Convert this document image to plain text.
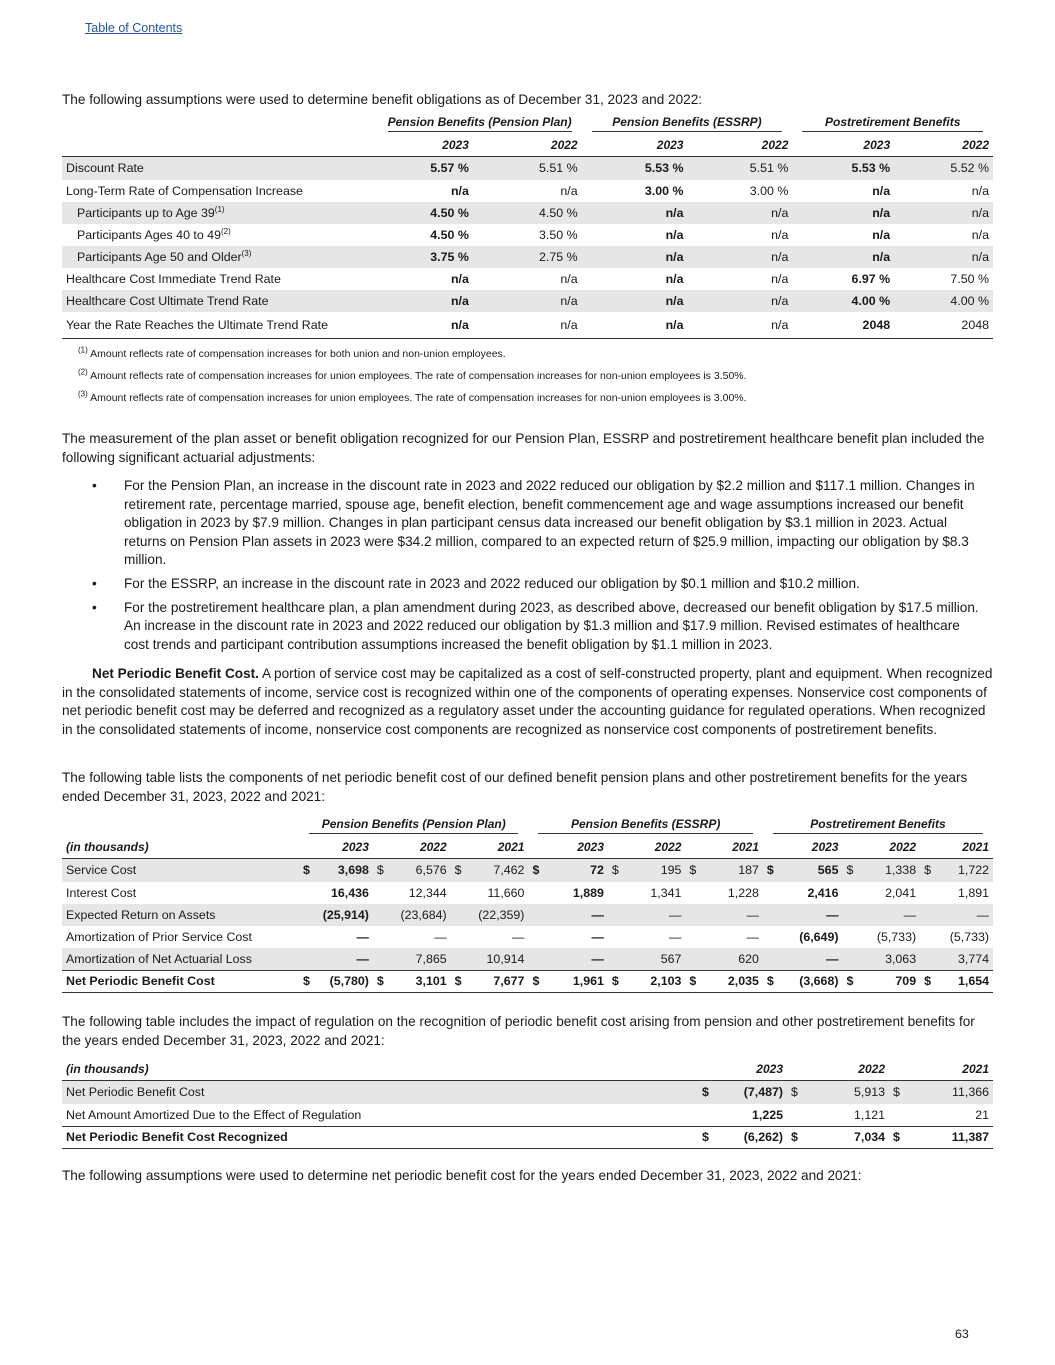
Table of Contents

The following assumptions were used to determine benefit obligations as of December 31, 2023 and 2022:

	Pension Benefits (Pension Plan)		Pension Benefits (ESSRP)		Postretirement Benefits	

	2023	2022	2023	2022	2023	2022
Discount Rate	5.57 %	5.51 %	5.53 %	5.51 %	5.53 %	5.52 %
Long-Term Rate of Compensation Increase	n/a	n/a	3.00 %	3.00 %	n/a	n/a
Participants up to Age 39$^{(1)}$	4.50 %	4.50 %	n/a	n/a	n/a	n/a
Participants Ages 40 to 49$^{(2)}$	4.50 %	3.50 %	n/a	n/a	n/a	n/a
Participants Age 50 and Older$^{(3)}$	3.75 %	2.75 %	n/a	n/a	n/a	n/a
Healthcare Cost Immediate Trend Rate	n/a	n/a	n/a	n/a	6.97 %	7.50 %
Healthcare Cost Ultimate Trend Rate	n/a	n/a	n/a	n/a	4.00 %	4.00 %
Year the Rate Reaches the Ultimate Trend Rate	n/a	n/a	n/a	n/a	2048	2048
$^{(1)}$ Amount reflects rate of compensation increases for both union and non-union employees.
$^{(2)}$ Amount reflects rate of compensation increases for union employees. The rate of compensation increases for non-union employees is 3.50%.
$^{(3)}$ Amount reflects rate of compensation increases for union employees. The rate of compensation increases for non-union employees is 3.00%.

The measurement of the plan asset or benefit obligation recognized for our Pension Plan, ESSRP and postretirement healthcare benefit plan included the following significant actuarial adjustments:

• For the Pension Plan, an increase in the discount rate in 2023 and 2022 reduced our obligation by $2.2 million and $117.1 million. Changes in retirement rate, percentage married, spouse age, benefit election, benefit commencement age and wage assumptions increased our benefit obligation in 2023 by $7.9 million. Changes in plan participant census data increased our benefit obligation by $3.1 million in 2023. Actual returns on Pension Plan assets in 2023 were $34.2 million, compared to an expected return of $25.9 million, impacting our obligation by $8.3 million.
• For the ESSRP, an increase in the discount rate in 2023 and 2022 reduced our obligation by $0.1 million and $10.2 million.
• For the postretirement healthcare plan, a plan amendment during 2023, as described above, decreased our benefit obligation by $17.5 million. An increase in the discount rate in 2023 and 2022 reduced our obligation by $1.3 million and $17.9 million. Revised estimates of healthcare cost trends and participant contribution assumptions increased the benefit obligation by $1.1 million in 2023.

Net Periodic Benefit Cost. A portion of service cost may be capitalized as a cost of self-constructed property, plant and equipment. When recognized in the consolidated statements of income, service cost is recognized within one of the components of operating expenses. Nonservice cost components of net periodic benefit cost may be deferred and recognized as a regulatory asset under the accounting guidance for regulated operations. When recognized in the consolidated statements of income, nonservice cost components are recognized as nonservice cost components of postretirement benefits.

The following table lists the components of net periodic benefit cost of our defined benefit pension plans and other postretirement benefits for the years ended December 31, 2023, 2022 and 2021:

	Pension Benefits (Pension Plan)						Pension Benefits (ESSRP)						Postretirement Benefits					

(in thousands)	2023		2022		2021		2023		2022		2021		2023		2022		2021	
Service Cost	$	3,698	$	6,576	$	7,462	$	72	$	195	$	187	$	565	$	1,338	$	1,722
Interest Cost		16,436		12,344		11,660		1,889		1,341		1,228		2,416		2,041		1,891
Expected Return on Assets		(25,914)		(23,684)		(22,359)		—		—		—		—		—		—
Amortization of Prior Service Cost		—		—		—		—		—		—		(6,649)		(5,733)		(5,733)
Amortization of Net Actuarial Loss		—		7,865		10,914		—		567		620		—		3,063		3,774
Net Periodic Benefit Cost	$	(5,780)	$	3,101	$	7,677	$	1,961	$	2,103	$	2,035	$	(3,668)	$	709	$	1,654

The following table includes the impact of regulation on the recognition of periodic benefit cost arising from pension and other postretirement benefits for the years ended December 31, 2023, 2022 and 2021:

(in thousands)	2023		2022		2021	
Net Periodic Benefit Cost	$	(7,487)	$	5,913	$	11,366
Net Amount Amortized Due to the Effect of Regulation		1,225		1,121		21
Net Periodic Benefit Cost Recognized	$	(6,262)	$	7,034	$	11,387

The following assumptions were used to determine net periodic benefit cost for the years ended December 31, 2023, 2022 and 2021:

63
